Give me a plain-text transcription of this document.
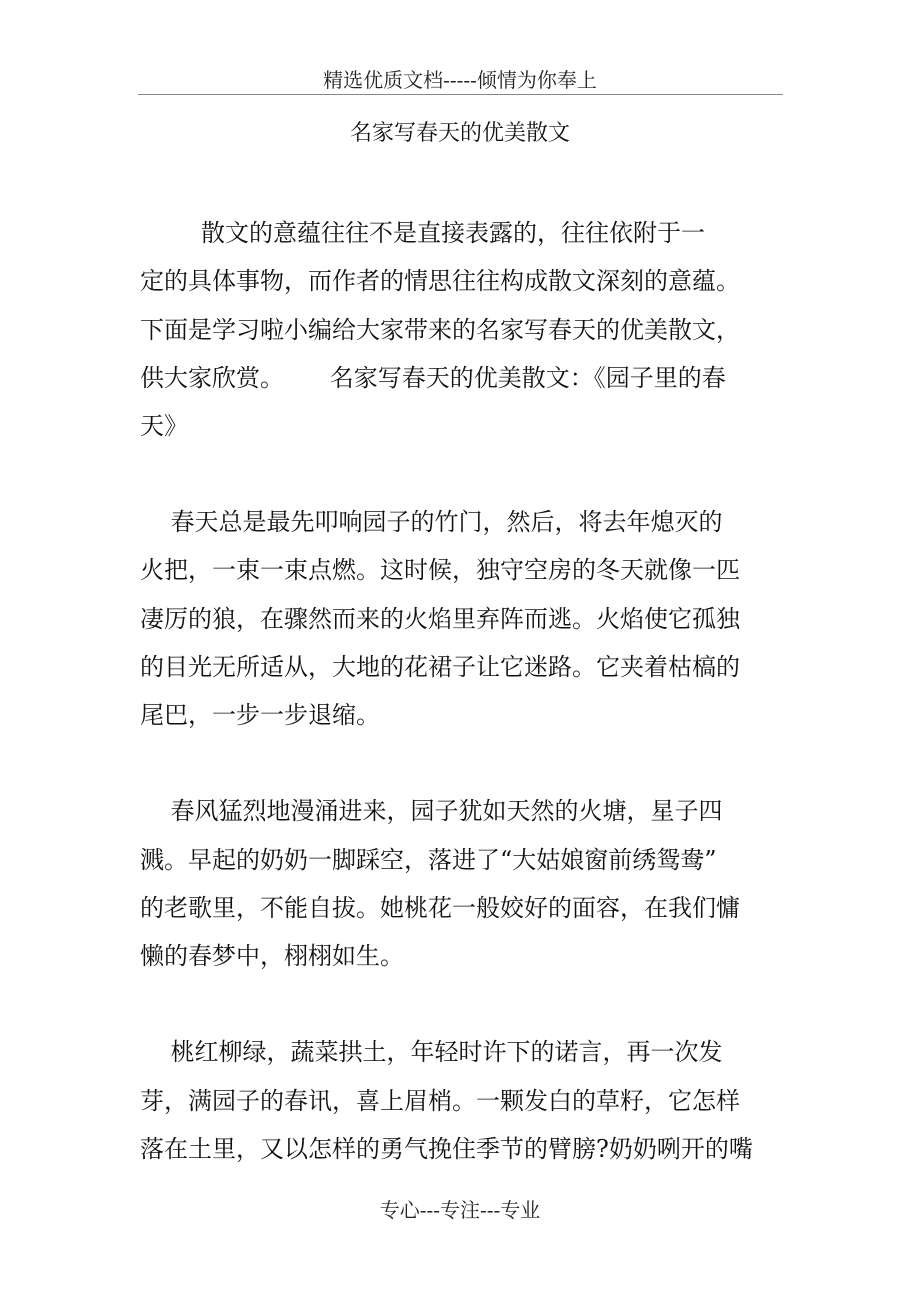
精选优质文档-----倾情为你奉上
名家写春天的优美散文
散文的意蕴往往不是直接表露的，往往依附于一
定的具体事物，而作者的情思往往构成散文深刻的意蕴。
下面是学习啦小编给大家带来的名家写春天的优美散文，
供大家欣赏。      名家写春天的优美散文：《园子里的春
天》
春天总是最先叩响园子的竹门，然后，将去年熄灭的
火把，一束一束点燃。这时候，独守空房的冬天就像一匹
凄厉的狼，在骤然而来的火焰里弃阵而逃。火焰使它孤独
的目光无所适从，大地的花裙子让它迷路。它夹着枯槁的
尾巴，一步一步退缩。
春风猛烈地漫涌进来，园子犹如天然的火塘，星子四
溅。早起的奶奶一脚踩空，落进了“大姑娘窗前绣鸳鸯”
的老歌里，不能自拔。她桃花一般姣好的面容，在我们慵
懒的春梦中，栩栩如生。
桃红柳绿，蔬菜拱土，年轻时许下的诺言，再一次发
芽，满园子的春讯，喜上眉梢。一颗发白的草籽，它怎样
落在土里，又以怎样的勇气挽住季节的臂膀?奶奶咧开的嘴
专心---专注---专业
